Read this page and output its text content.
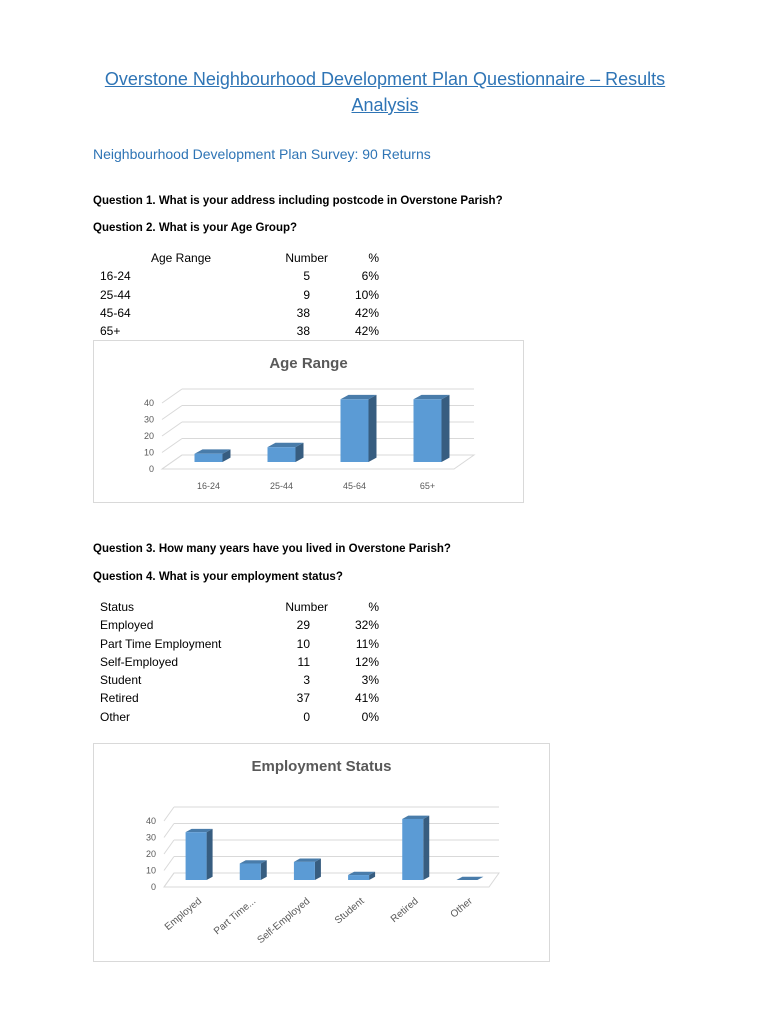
Overstone Neighbourhood Development Plan Questionnaire – Results
Analysis
Neighbourhood Development Plan Survey: 90 Returns
Question 1. What is your address including postcode in Overstone Parish?
Question 2. What is your Age Group?
Age Range	Number	%
16-24	5	6%
25-44	9	10%
45-64	38	42%
65+	38	42%
Age Range
0
10
20
30
40
16-24	25-44	45-64	65+
Question 3. How many years have you lived in Overstone Parish?
Question 4. What is your employment status?
Status	Number	%
Employed	29	32%
Part Time Employment	10	11%
Self-Employed	11	12%
Student	3	3%
Retired	37	41%
Other	0	0%
Employment Status
0
10
20
30
40
Employed Part Time...
Self-Employed Student Retired	Other
